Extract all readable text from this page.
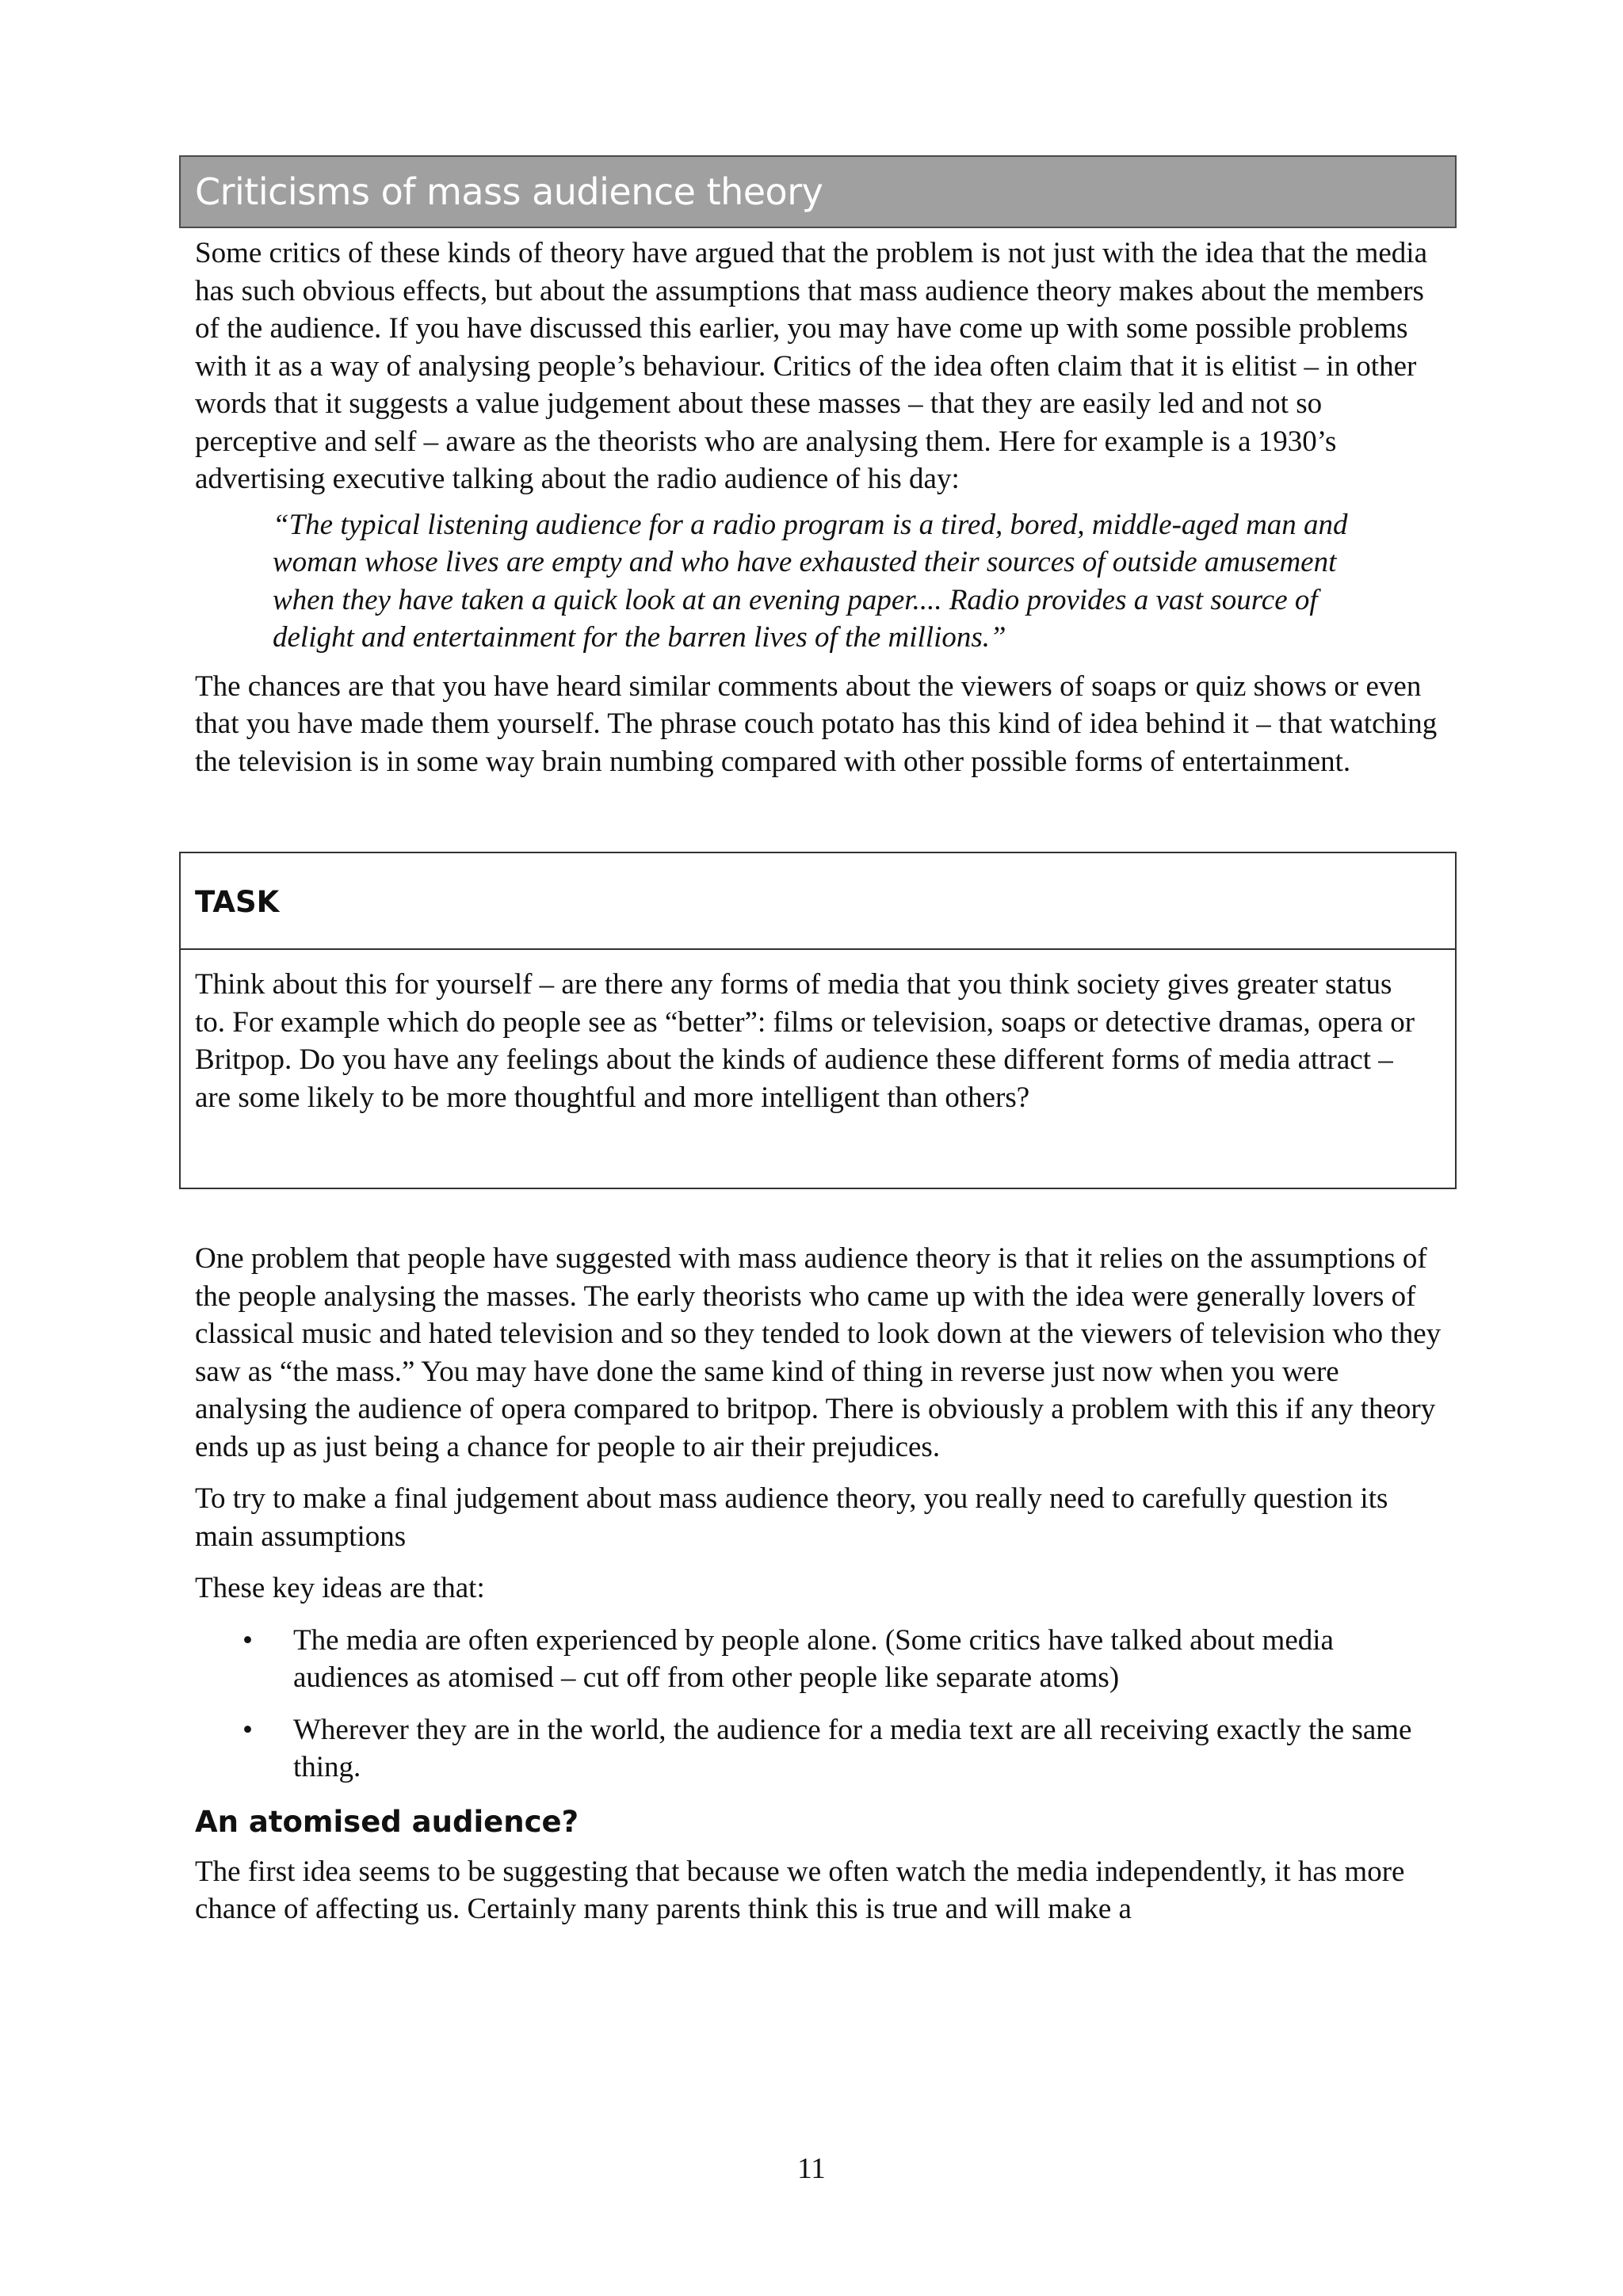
Criticisms of mass audience theory

Some critics of these kinds of theory have argued that the problem is not just with the idea that the media has such obvious effects, but about the assumptions that mass audience theory makes about the members of the audience. If you have discussed this earlier, you may have come up with some possible problems with it as a way of analysing people’s behaviour. Critics of the idea often claim that it is elitist – in other words that it suggests a value judgement about these masses – that they are easily led and not so perceptive and self – aware as the theorists who are analysing them. Here for example is a 1930’s advertising executive talking about the radio audience of his day:

“The typical listening audience for a radio program is a tired, bored, middle-aged man and woman whose lives are empty and who have exhausted their sources of outside amusement when they have taken a quick look at an evening paper.... Radio provides a vast source of delight and entertainment for the barren lives of the millions.”

The chances are that you have heard similar comments about the viewers of soaps or quiz shows or even that you have made them yourself. The phrase couch potato has this kind of idea behind it – that watching the television is in some way brain numbing compared with other possible forms of entertainment.

TASK

Think about this for yourself – are there any forms of media that you think society gives greater status to. For example which do people see as “better”: films or television, soaps or detective dramas, opera or Britpop. Do you have any feelings about the kinds of audience these different forms of media attract – are some likely to be more thoughtful and more intelligent than others?

One problem that people have suggested with mass audience theory is that it relies on the assumptions of the people analysing the masses. The early theorists who came up with the idea were generally lovers of classical music and hated television and so they tended to look down at the viewers of television who they saw as “the mass.” You may have done the same kind of thing in reverse just now when you were analysing the audience of opera compared to britpop. There is obviously a problem with this if any theory ends up as just being a chance for people to air their prejudices.

To try to make a final judgement about mass audience theory, you really need to carefully question its main assumptions

These key ideas are that:

• The media are often experienced by people alone. (Some critics have talked about media audiences as atomised – cut off from other people like separate atoms)
• Wherever they are in the world, the audience for a media text are all receiving exactly the same thing.
An atomised audience?

The first idea seems to be suggesting that because we often watch the media independently, it has more chance of affecting us. Certainly many parents think this is true and will make a

11
